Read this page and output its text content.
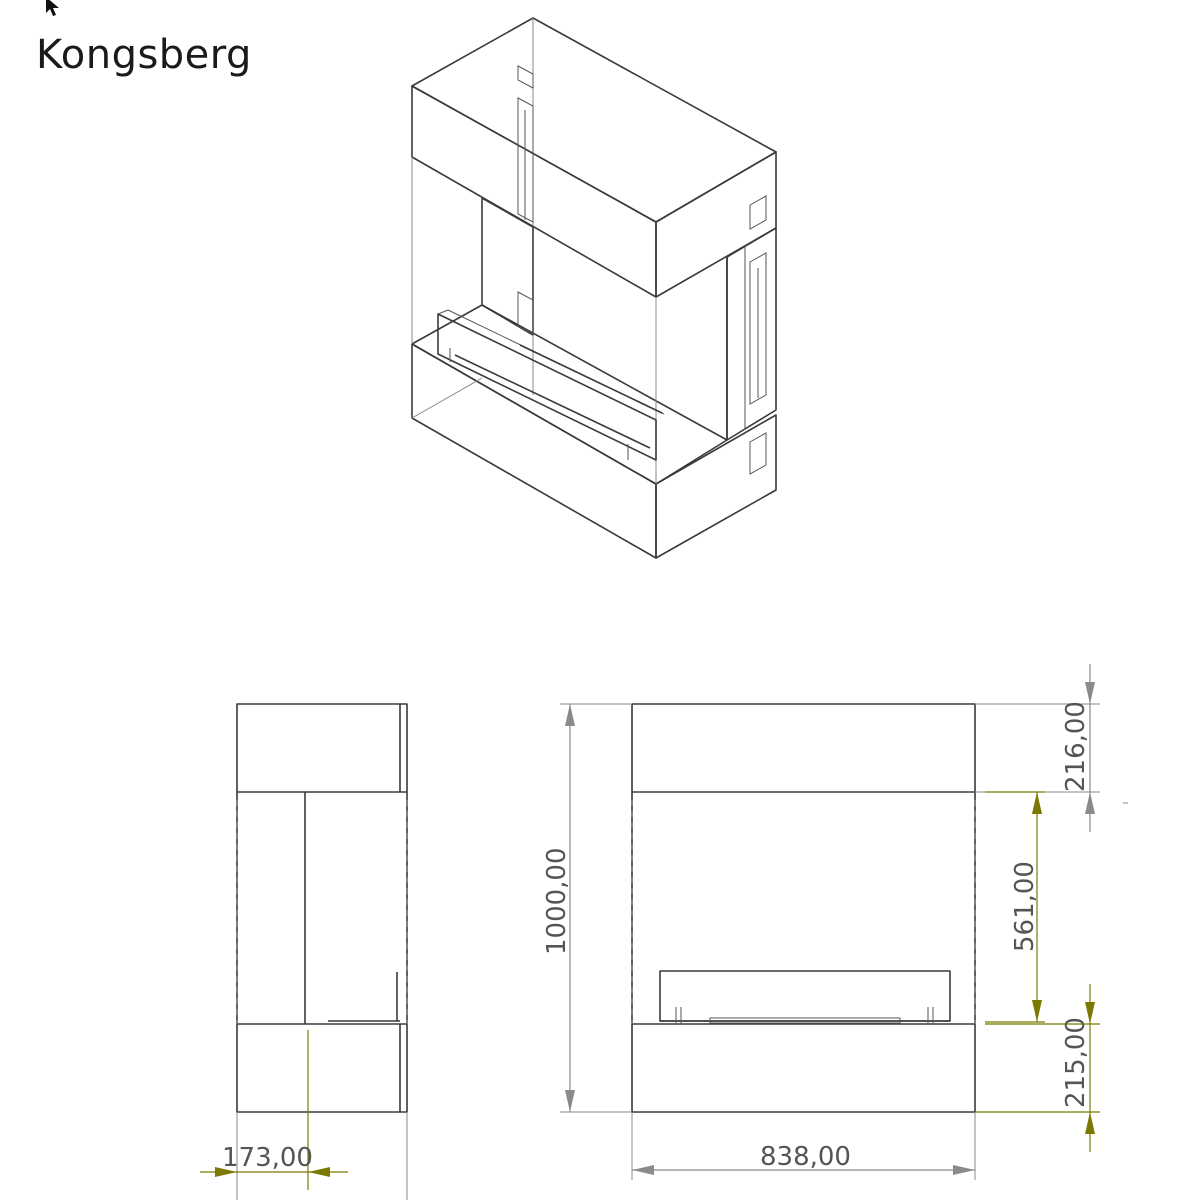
Kongsberg
173,00
1000,00
838,00
216,00
561,00
215,00
